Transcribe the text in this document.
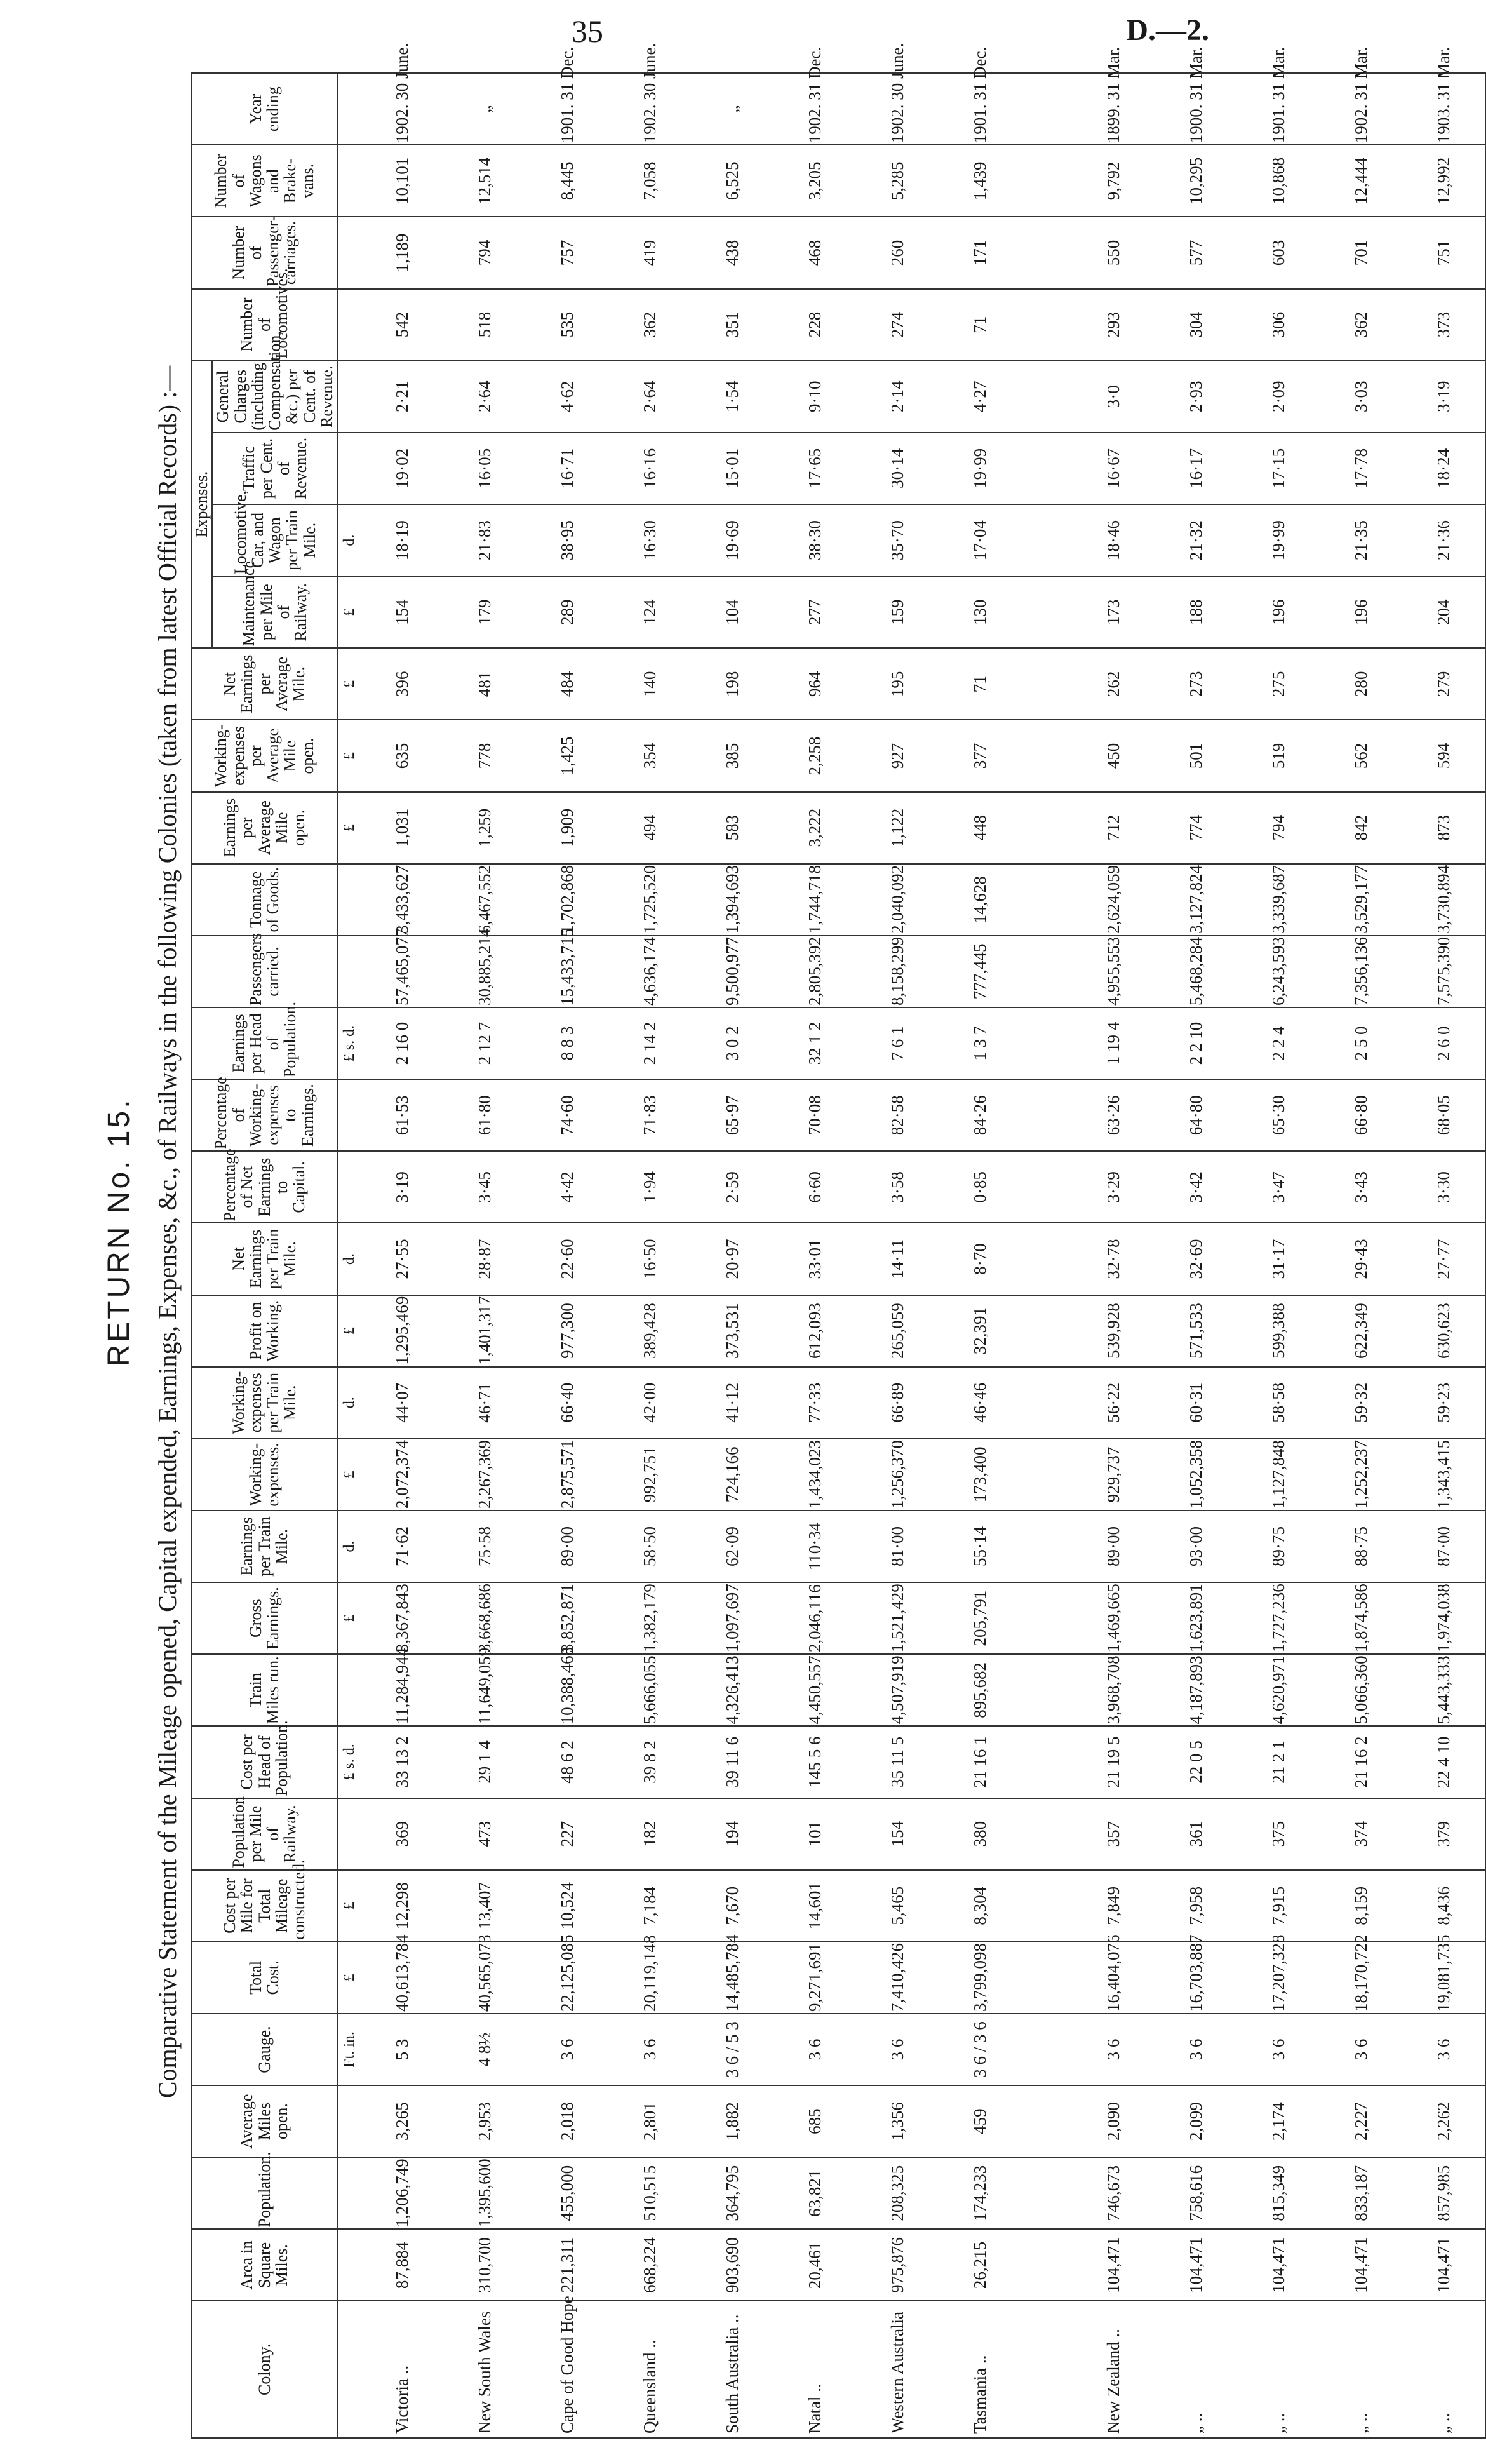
35	D.—2.
RETURN No. 15. Comparative Statement of the Mileage opened, Capital expended, Earnings, Expenses, &c., of Railways in the following Colonies (taken from latest Official Records) :—
Colony.	Area in Square Miles.	Population.	Average Miles open.	Gauge.	Total Cost.	Cost per Mile for Total Mileage constructed.	Population per Mile of Railway.	Cost per Head of Population.	Train Miles run.	Gross Earnings.	Earnings per Train Mile.	Working-expenses.	Working-expenses per Train Mile.	Profit on Working.	Net Earnings per Train Mile.	Percentage of Net Earnings to Capital.	Percentage of Working-expenses to Earnings.	Earnings per Head of Population.	Passengers carried.	Tonnage of Goods.	Earnings per Average Mile open.	Working-expenses per Average Mile open.	Net Earnings per Average Mile.	Expenses.				Number of Locomotives.	Number of Passenger-carriages.	Number of Wagons and Brake-vans.	Year ending
																								Maintenance per Mile of Railway.	Locomotive, Car, and Wagon per Train Mile.	Traffic per Cent. of Revenue.	General Charges (including Compensation, &c.) per Cent. of Revenue.				
				Ft. in.	£	£		£ s. d.		£	d.	£	d.	£	d.			£ s. d.			£	£	£	£	d.						
Victoria ..	87,884	1,206,749	3,265	5 3	40,613,784	12,298	369	33 13 2	11,284,944	3,367,843	71·62	2,072,374	44·07	1,295,469	27·55	3·19	61·53	2 16 0	57,465,077	3,433,627	1,031	635	396	154	18·19	19·02	2·21	542	1,189	10,101	1902. 30 June.
New South Wales	310,700	1,395,600	2,953	4 8½	40,565,073	13,407	473	29 1 4	11,649,059	3,668,686	75·58	2,267,369	46·71	1,401,317	28·87	3·45	61·80	2 12 7	30,885,214	6,467,552	1,259	778	481	179	21·83	16·05	2·64	518	794	12,514	„
Cape of Good Hope	221,311	455,000	2,018	3 6	22,125,085	10,524	227	48 6 2	10,388,468	3,852,871	89·00	2,875,571	66·40	977,300	22·60	4·42	74·60	8 8 3	15,433,715	1,702,868	1,909	1,425	484	289	38·95	16·71	4·62	535	757	8,445	1901. 31 Dec.
Queensland ..	668,224	510,515	2,801	3 6	20,119,148	7,184	182	39 8 2	5,666,055	1,382,179	58·50	992,751	42·00	389,428	16·50	1·94	71·83	2 14 2	4,636,174	1,725,520	494	354	140	124	16·30	16·16	2·64	362	419	7,058	1902. 30 June.
South Australia ..	903,690	364,795	1,882	3 6 / 5 3	14,485,784	7,670	194	39 11 6	4,326,413	1,097,697	62·09	724,166	41·12	373,531	20·97	2·59	65·97	3 0 2	9,500,977	1,394,693	583	385	198	104	19·69	15·01	1·54	351	438	6,525	„
Natal ..	20,461	63,821	685	3 6	9,271,691	14,601	101	145 5 6	4,450,557	2,046,116	110·34	1,434,023	77·33	612,093	33·01	6·60	70·08	32 1 2	2,805,392	1,744,718	3,222	2,258	964	277	38·30	17·65	9·10	228	468	3,205	1902. 31 Dec.
Western Australia	975,876	208,325	1,356	3 6	7,410,426	5,465	154	35 11 5	4,507,919	1,521,429	81·00	1,256,370	66·89	265,059	14·11	3·58	82·58	7 6 1	8,158,299	2,040,092	1,122	927	195	159	35·70	30·14	2·14	274	260	5,285	1902. 30 June.
Tasmania ..	26,215	174,233	459	3 6 / 3 6	3,799,098	8,304	380	21 16 1	895,682	205,791	55·14	173,400	46·46	32,391	8·70	0·85	84·26	1 3 7	777,445	14,628	448	377	71	130	17·04	19·99	4·27	71	171	1,439	1901. 31 Dec.

New Zealand ..	104,471	746,673	2,090	3 6	16,404,076	7,849	357	21 19 5	3,968,708	1,469,665	89·00	929,737	56·22	539,928	32·78	3·29	63·26	1 19 4	4,955,553	2,624,059	712	450	262	173	18·46	16·67	3·0	293	550	9,792	1899. 31 Mar.
„ ..	104,471	758,616	2,099	3 6	16,703,887	7,958	361	22 0 5	4,187,893	1,623,891	93·00	1,052,358	60·31	571,533	32·69	3·42	64·80	2 2 10	5,468,284	3,127,824	774	501	273	188	21·32	16·17	2·93	304	577	10,295	1900. 31 Mar.
„ ..	104,471	815,349	2,174	3 6	17,207,328	7,915	375	21 2 1	4,620,971	1,727,236	89·75	1,127,848	58·58	599,388	31·17	3·47	65·30	2 2 4	6,243,593	3,339,687	794	519	275	196	19·99	17·15	2·09	306	603	10,868	1901. 31 Mar.
„ ..	104,471	833,187	2,227	3 6	18,170,722	8,159	374	21 16 2	5,066,360	1,874,586	88·75	1,252,237	59·32	622,349	29·43	3·43	66·80	2 5 0	7,356,136	3,529,177	842	562	280	196	21·35	17·78	3·03	362	701	12,444	1902. 31 Mar.
„ ..	104,471	857,985	2,262	3 6	19,081,735	8,436	379	22 4 10	5,443,333	1,974,038	87·00	1,343,415	59·23	630,623	27·77	3·30	68·05	2 6 0	7,575,390	3,730,894	873	594	279	204	21·36	18·24	3·19	373	751	12,992	1903. 31 Mar.
